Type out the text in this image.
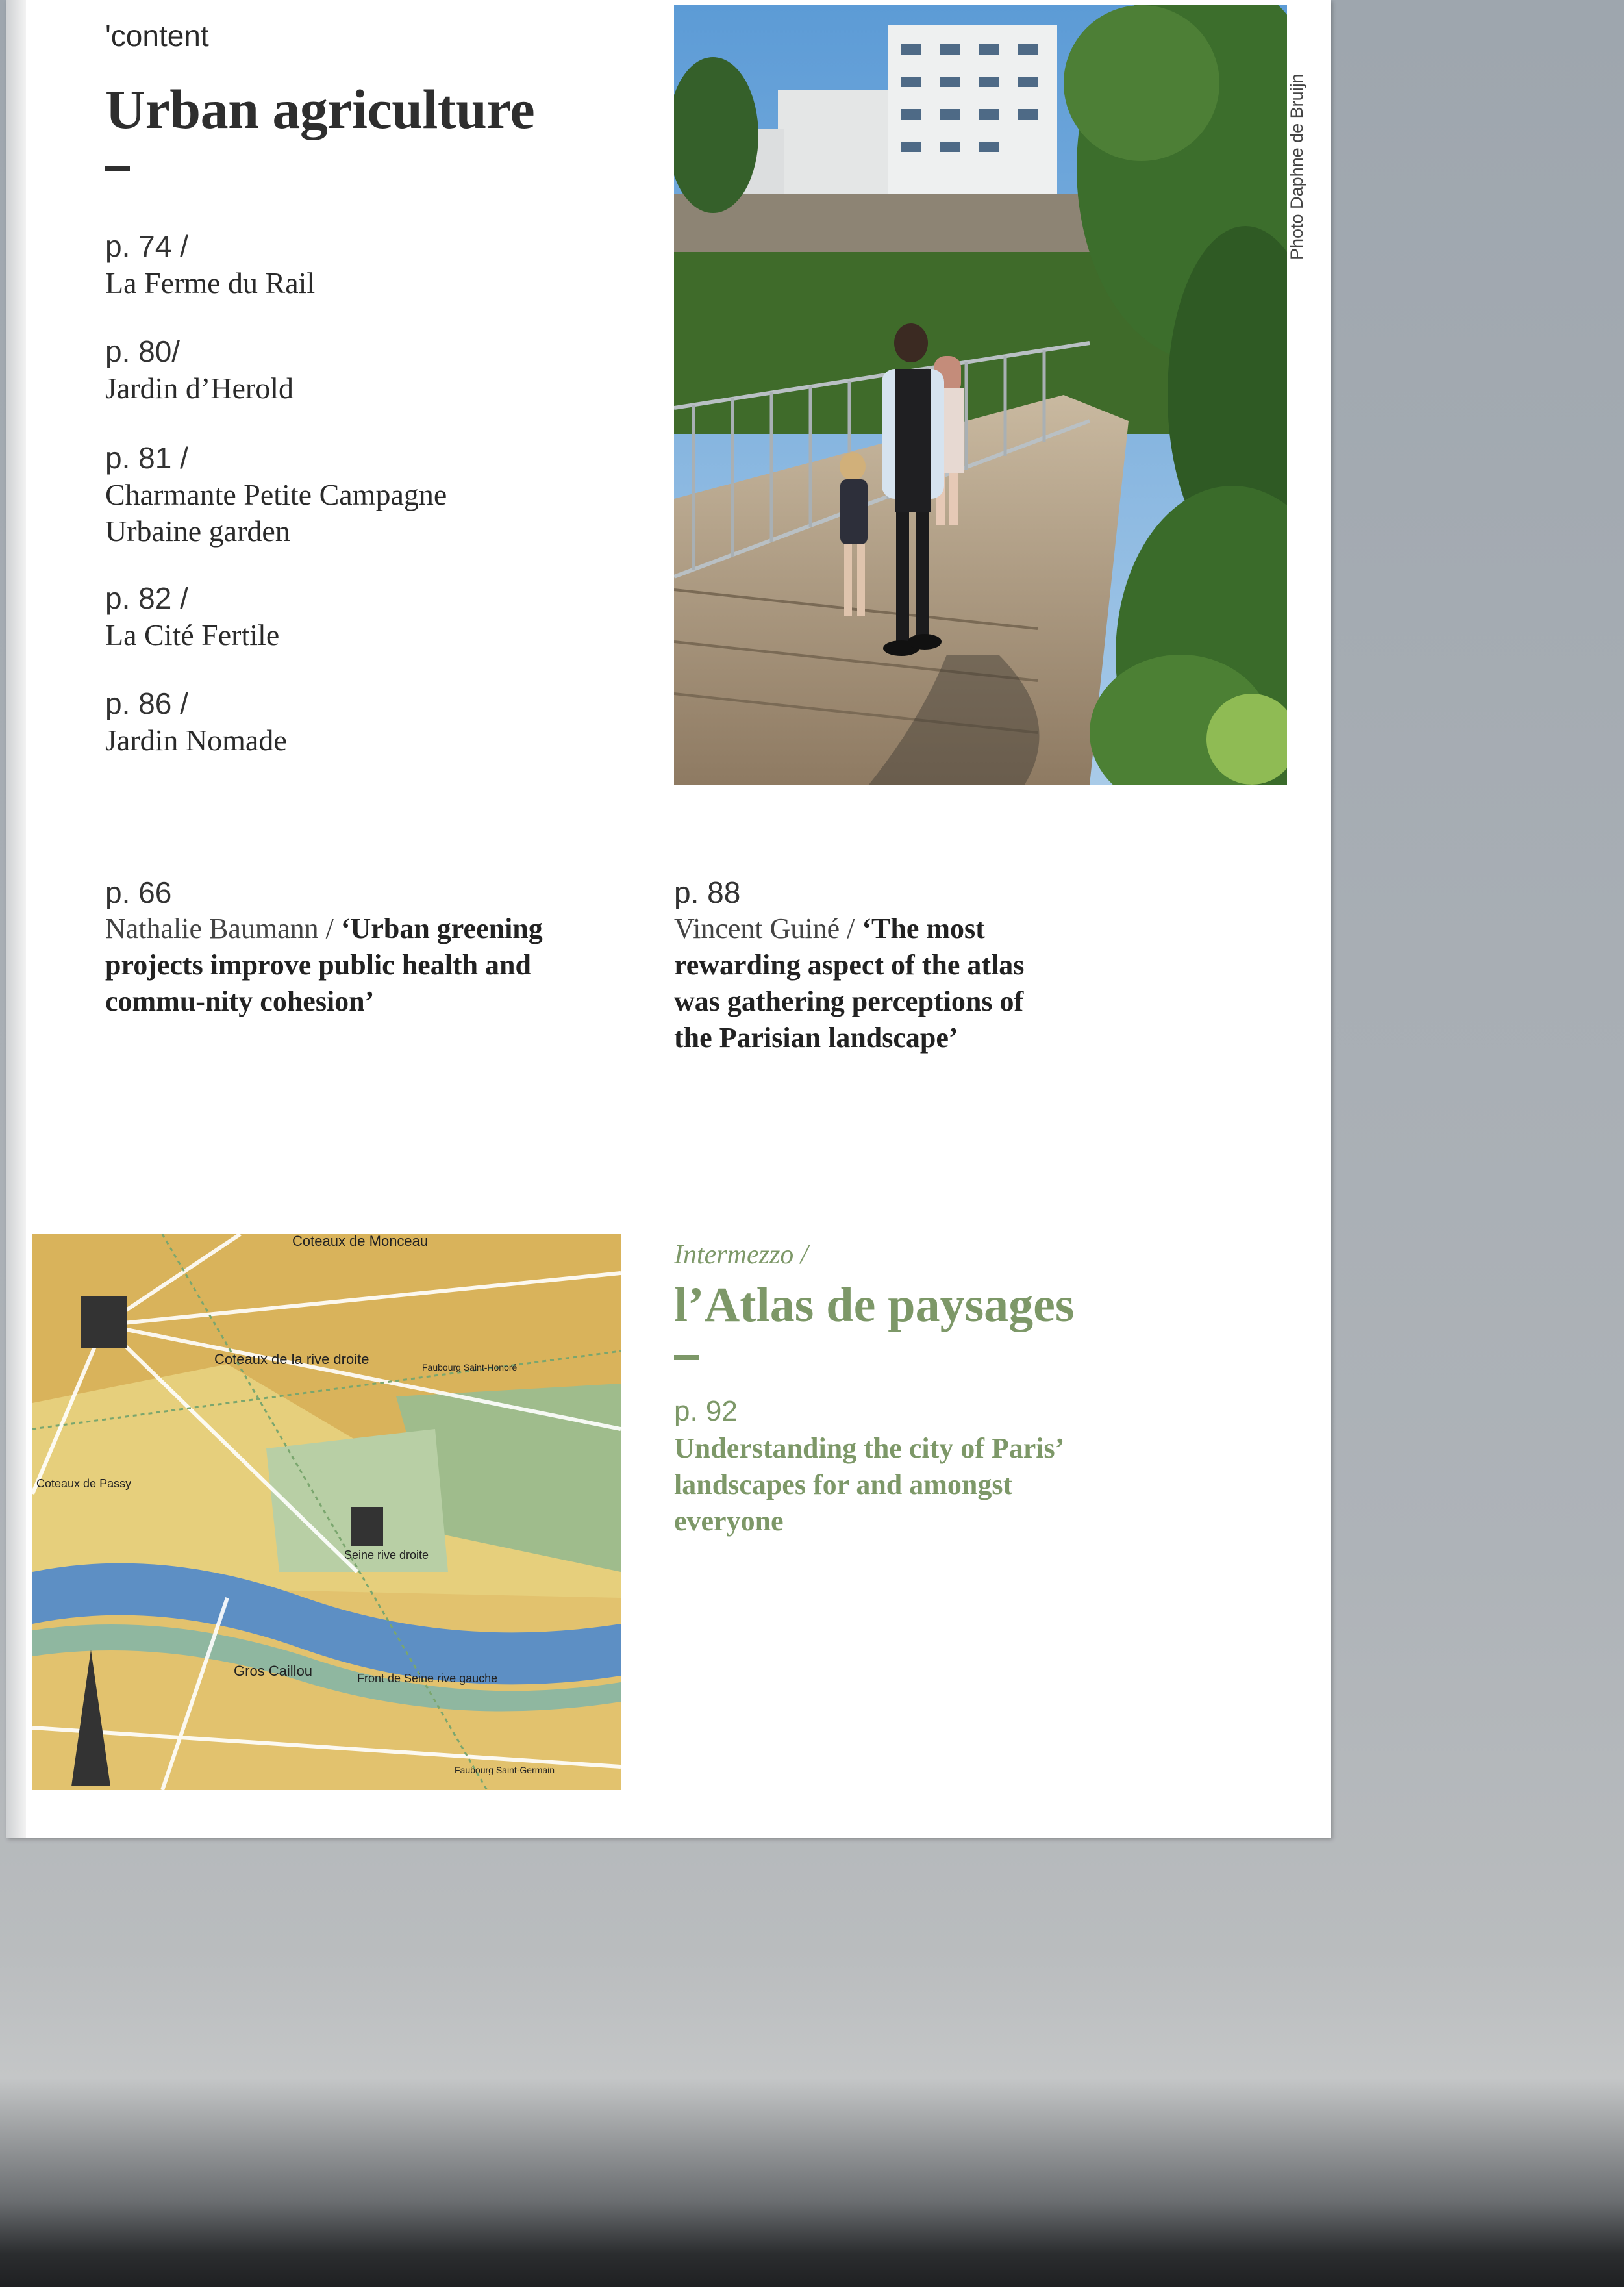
'content
Urban agriculture
p. 74 /
La Ferme du Rail
p. 80/
Jardin d’Herold
p. 81 /
Charmante Petite Campagne Urbaine garden
p. 82 /
La Cité Fertile
p. 86 /
Jardin Nomade
Photo Daphne de Bruijn
p. 66
Nathalie Baumann / ‘Urban greening projects improve public health and commu-nity cohesion’
p. 88
Vincent Guiné / ‘The most rewarding aspect of the atlas was gathering perceptions of the Parisian landscape’
Coteaux de Monceau
Coteaux de la rive droite	Faubourg Saint-Honoré
Coteaux de Passy
Seine rive droite
Gros Caillou	Front de Seine rive gauche
Faubourg Saint-Germain
Intermezzo /
l’Atlas de paysages
p. 92
Understanding the city of Paris’ landscapes for and amongst everyone
